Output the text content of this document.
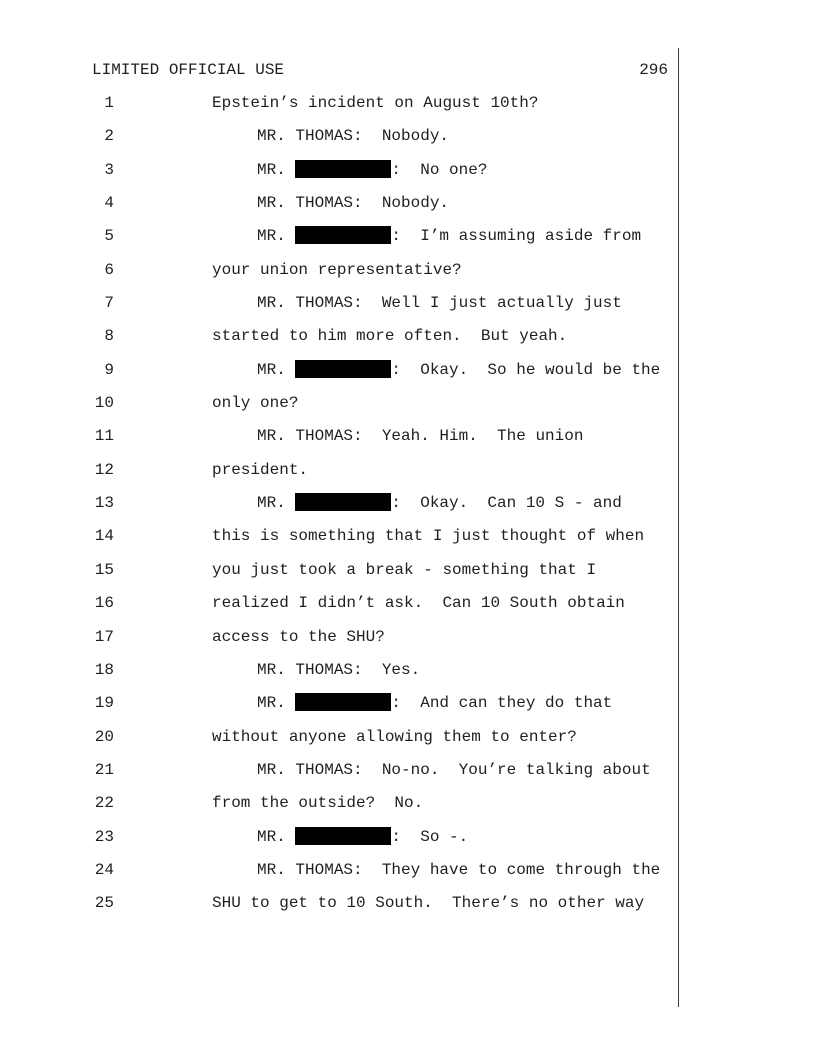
LIMITED OFFICIAL USE	296
1	Epstein’s incident on August 10th?
2	MR. THOMAS:  Nobody.
3	MR.	:  No one?
4	MR. THOMAS:  Nobody.
5	MR.	:  I’m assuming aside from
6	your union representative?
7	MR. THOMAS:  Well I just actually just
8	started to him more often.  But yeah.
9	MR.	:  Okay.  So he would be the
10	only one?
11	MR. THOMAS:  Yeah. Him.  The union
12	president.
13	MR.	:  Okay.  Can 10 S - and
14	this is something that I just thought of when
15	you just took a break - something that I
16	realized I didn’t ask.  Can 10 South obtain
17	access to the SHU?
18	MR. THOMAS:  Yes.
19	MR.	:  And can they do that
20	without anyone allowing them to enter?
21	MR. THOMAS:  No-no.  You’re talking about
22	from the outside?  No.
23	MR.	:  So -.
24	MR. THOMAS:  They have to come through the
25	SHU to get to 10 South.  There’s no other way
